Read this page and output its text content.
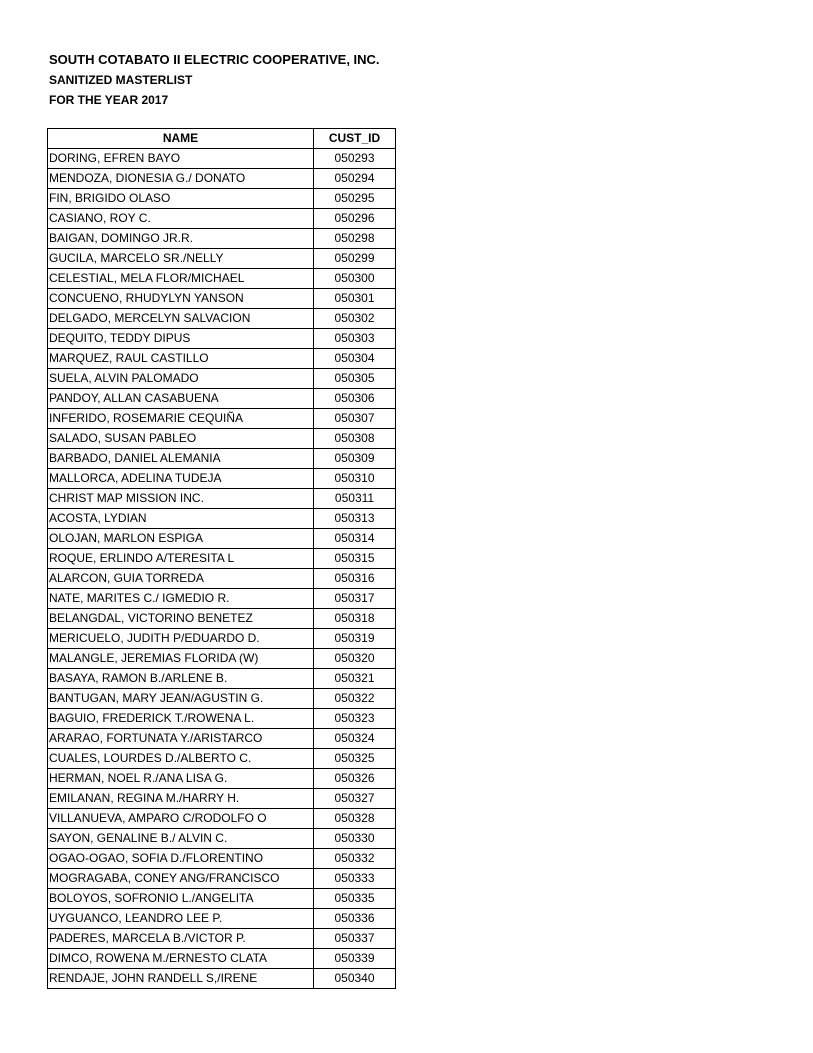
SOUTH COTABATO II ELECTRIC COOPERATIVE, INC.
SANITIZED MASTERLIST
FOR THE YEAR 2017
NAME	CUST_ID
DORING, EFREN BAYO	050293
MENDOZA, DIONESIA G./ DONATO	050294
FIN, BRIGIDO OLASO	050295
CASIANO, ROY C.	050296
BAIGAN, DOMINGO JR.R.	050298
GUCILA, MARCELO SR./NELLY	050299
CELESTIAL, MELA FLOR/MICHAEL	050300
CONCUENO, RHUDYLYN YANSON	050301
DELGADO, MERCELYN SALVACION	050302
DEQUITO, TEDDY DIPUS	050303
MARQUEZ, RAUL CASTILLO	050304
SUELA, ALVIN PALOMADO	050305
PANDOY, ALLAN CASABUENA	050306
INFERIDO, ROSEMARIE CEQUIÑA	050307
SALADO, SUSAN PABLEO	050308
BARBADO, DANIEL ALEMANIA	050309
MALLORCA, ADELINA TUDEJA	050310
CHRIST MAP MISSION INC.	050311
ACOSTA, LYDIAN	050313
OLOJAN, MARLON ESPIGA	050314
ROQUE, ERLINDO A/TERESITA L	050315
ALARCON, GUIA TORREDA	050316
NATE, MARITES C./ IGMEDIO R.	050317
BELANGDAL, VICTORINO BENETEZ	050318
MERICUELO, JUDITH P/EDUARDO D.	050319
MALANGLE, JEREMIAS FLORIDA (W)	050320
BASAYA, RAMON B./ARLENE B.	050321
BANTUGAN, MARY JEAN/AGUSTIN G.	050322
BAGUIO, FREDERICK T./ROWENA L.	050323
ARARAO, FORTUNATA Y./ARISTARCO	050324
CUALES, LOURDES D./ALBERTO C.	050325
HERMAN, NOEL R./ANA LISA G.	050326
EMILANAN, REGINA M./HARRY H.	050327
VILLANUEVA, AMPARO C/RODOLFO O	050328
SAYON, GENALINE B./ ALVIN C.	050330
OGAO-OGAO, SOFIA D./FLORENTINO	050332
MOGRAGABA, CONEY ANG/FRANCISCO	050333
BOLOYOS, SOFRONIO L./ANGELITA	050335
UYGUANCO, LEANDRO LEE P.	050336
PADERES, MARCELA B./VICTOR P.	050337
DIMCO, ROWENA M./ERNESTO CLATA	050339
RENDAJE, JOHN RANDELL S,/IRENE	050340
